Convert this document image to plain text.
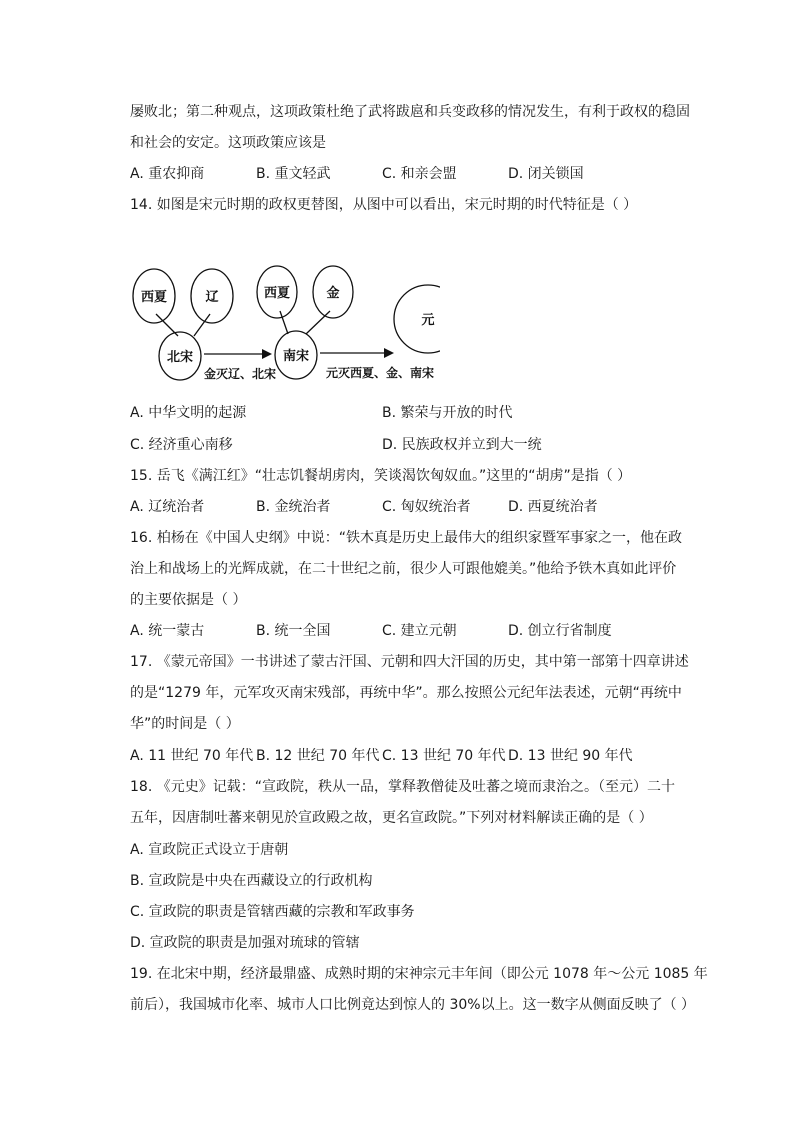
屡败北；第二种观点，这项政策杜绝了武将跋扈和兵变政移的情况发生，有利于政权的稳固
和社会的安定。这项政策应该是
A. 重农抑商	B. 重文轻武	C. 和亲会盟	D. 闭关锁国
14. 如图是宋元时期的政权更替图，从图中可以看出，宋元时期的时代特征是（ ）
西夏	辽
北宋
西夏	金
南宋
元
金灭辽、北宋	元灭西夏、金、南宋
A. 中华文明的起源	B. 繁荣与开放的时代
C. 经济重心南移	D. 民族政权并立到大一统
15. 岳飞《满江红》“壮志饥餐胡虏肉，笑谈渴饮匈奴血。”这里的“胡虏”是指（ ）
A. 辽统治者	B. 金统治者	C. 匈奴统治者	D. 西夏统治者
16. 柏杨在《中国人史纲》中说：“铁木真是历史上最伟大的组织家暨军事家之一，他在政
治上和战场上的光辉成就，在二十世纪之前，很少人可跟他媲美。”他给予铁木真如此评价
的主要依据是（ ）
A. 统一蒙古	B. 统一全国	C. 建立元朝	D. 创立行省制度
17. 《蒙元帝国》一书讲述了蒙古汗国、元朝和四大汗国的历史，其中第一部第十四章讲述
的是“1279 年，元军攻灭南宋残部，再统中华”。那么按照公元纪年法表述，元朝“再统中
华”的时间是（ ）
A. 11 世纪 70 年代 B. 12 世纪 70 年代 C. 13 世纪 70 年代 D. 13 世纪 90 年代
18. 《元史》记载：“宣政院，秩从一品，掌释教僧徒及吐蕃之境而隶治之。（至元）二十
五年，因唐制吐蕃来朝见於宣政殿之故，更名宣政院。”下列对材料解读正确的是（ ）
A. 宣政院正式设立于唐朝
B. 宣政院是中央在西藏设立的行政机构
C. 宣政院的职责是管辖西藏的宗教和军政事务
D. 宣政院的职责是加强对琉球的管辖
19. 在北宋中期，经济最鼎盛、成熟时期的宋神宗元丰年间（即公元 1078 年～公元 1085 年
前后），我国城市化率、城市人口比例竟达到惊人的 30%以上。这一数字从侧面反映了（ ）
